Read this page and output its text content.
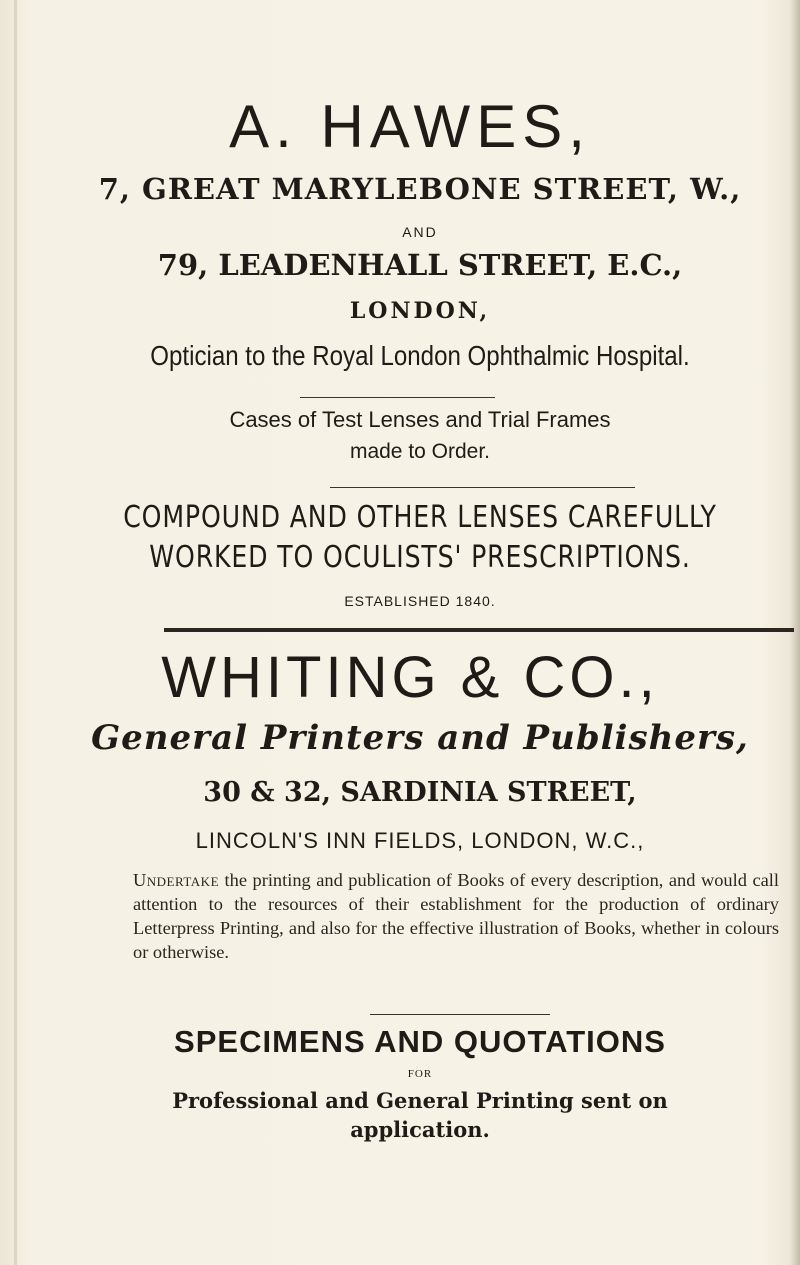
A. HAWES,
7, GREAT MARYLEBONE STREET, W.,
AND
79, LEADENHALL STREET, E.C.,
LONDON,
Optician to the Royal London Ophthalmic Hospital.
Cases of Test Lenses and Trial Frames
made to Order.
COMPOUND AND OTHER LENSES CAREFULLY
WORKED TO OCULISTS' PRESCRIPTIONS.
ESTABLISHED 1840.
WHITING & CO.,
General Printers and Publishers,
30 & 32, SARDINIA STREET,
LINCOLN'S INN FIELDS, LONDON, W.C.,
Undertake the printing and publication of Books of every description, and would call attention to the resources of their establishment for the production of ordinary Letterpress Printing, and also for the effective illustration of Books, whether in colours or otherwise.
SPECIMENS AND QUOTATIONS
FOR
Professional and General Printing sent on
application.
